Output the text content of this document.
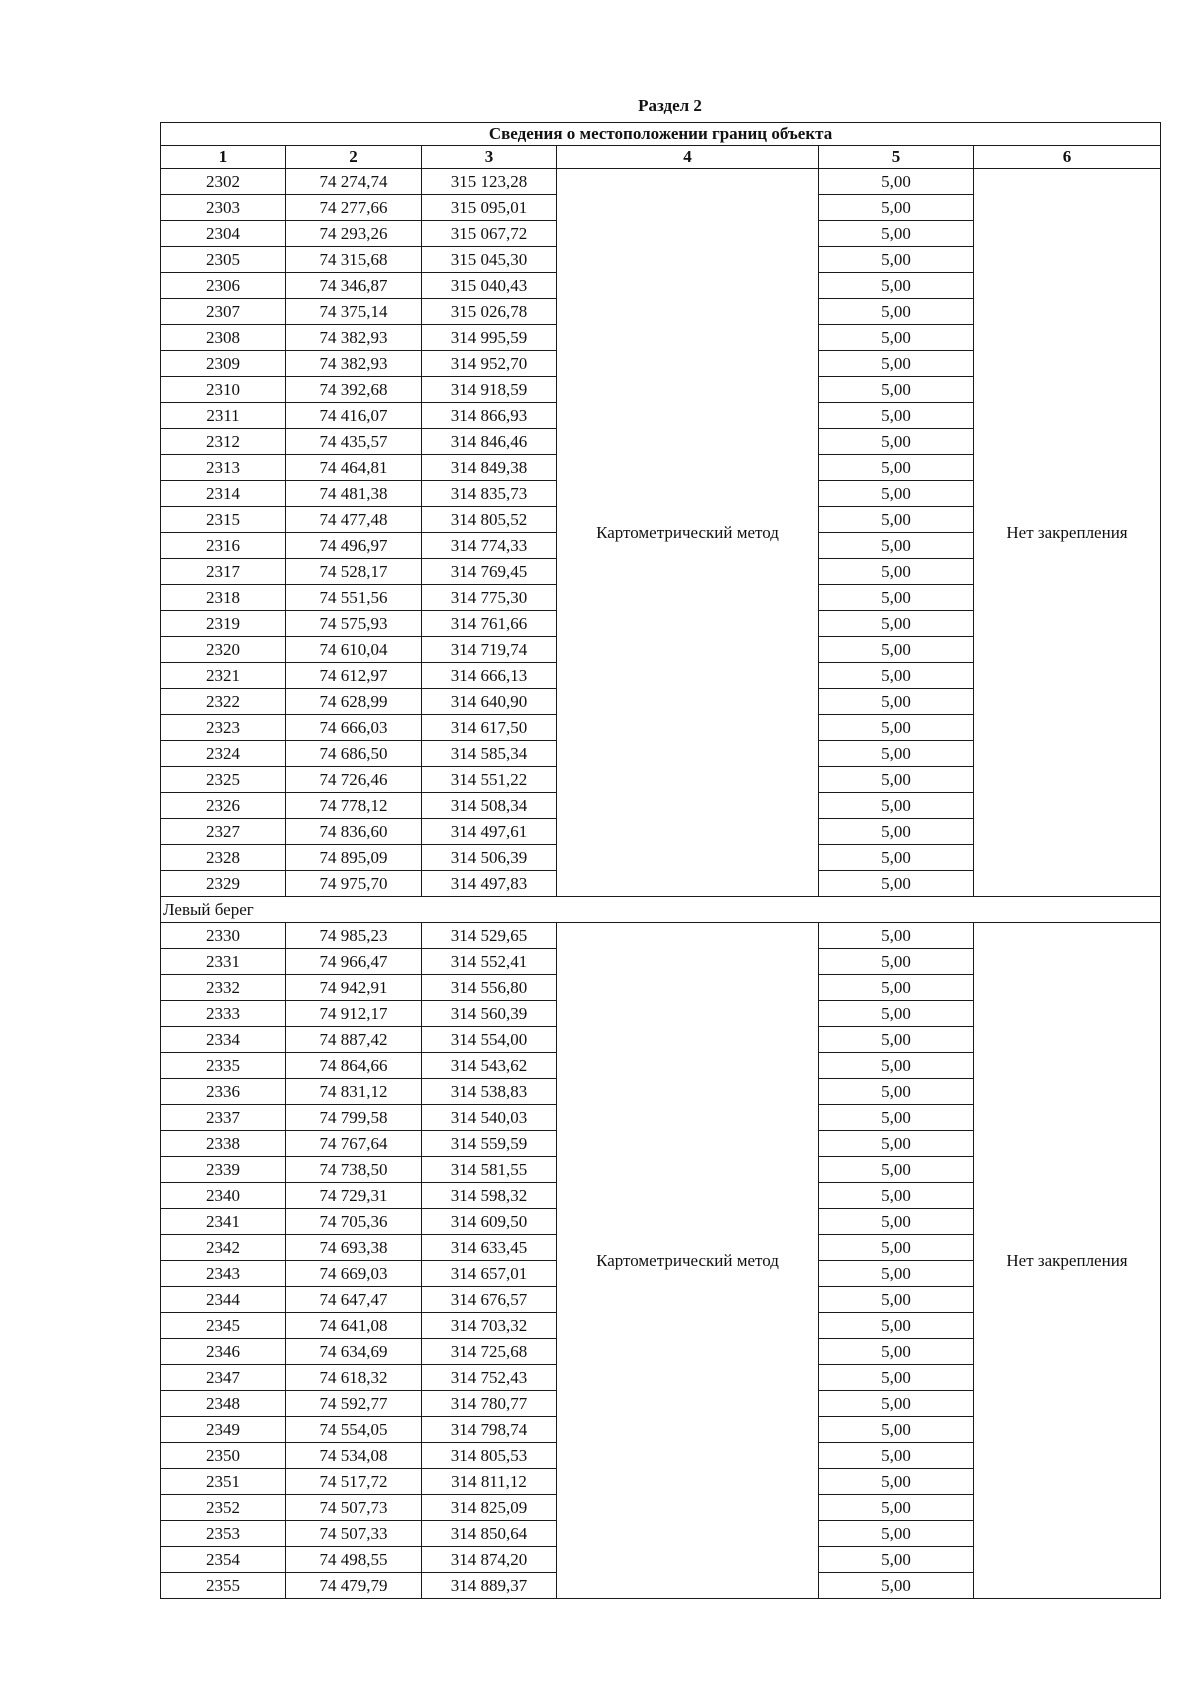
Раздел 2
Сведения о местоположении границ объекта					
1	2	3	4	5	6
2302	74 274,74	315 123,28	Картометрический метод	5,00	Нет закрепления
2303	74 277,66	315 095,01		5,00	
2304	74 293,26	315 067,72		5,00	
2305	74 315,68	315 045,30		5,00	
2306	74 346,87	315 040,43		5,00	
2307	74 375,14	315 026,78		5,00	
2308	74 382,93	314 995,59		5,00	
2309	74 382,93	314 952,70		5,00	
2310	74 392,68	314 918,59		5,00	
2311	74 416,07	314 866,93		5,00	
2312	74 435,57	314 846,46		5,00	
2313	74 464,81	314 849,38		5,00	
2314	74 481,38	314 835,73		5,00	
2315	74 477,48	314 805,52		5,00	
2316	74 496,97	314 774,33		5,00	
2317	74 528,17	314 769,45		5,00	
2318	74 551,56	314 775,30		5,00	
2319	74 575,93	314 761,66		5,00	
2320	74 610,04	314 719,74		5,00	
2321	74 612,97	314 666,13		5,00	
2322	74 628,99	314 640,90		5,00	
2323	74 666,03	314 617,50		5,00	
2324	74 686,50	314 585,34		5,00	
2325	74 726,46	314 551,22		5,00	
2326	74 778,12	314 508,34		5,00	
2327	74 836,60	314 497,61		5,00	
2328	74 895,09	314 506,39		5,00	
2329	74 975,70	314 497,83		5,00	
Левый берег					
2330	74 985,23	314 529,65	Картометрический метод	5,00	Нет закрепления
2331	74 966,47	314 552,41		5,00	
2332	74 942,91	314 556,80		5,00	
2333	74 912,17	314 560,39		5,00	
2334	74 887,42	314 554,00		5,00	
2335	74 864,66	314 543,62		5,00	
2336	74 831,12	314 538,83		5,00	
2337	74 799,58	314 540,03		5,00	
2338	74 767,64	314 559,59		5,00	
2339	74 738,50	314 581,55		5,00	
2340	74 729,31	314 598,32		5,00	
2341	74 705,36	314 609,50		5,00	
2342	74 693,38	314 633,45		5,00	
2343	74 669,03	314 657,01		5,00	
2344	74 647,47	314 676,57		5,00	
2345	74 641,08	314 703,32		5,00	
2346	74 634,69	314 725,68		5,00	
2347	74 618,32	314 752,43		5,00	
2348	74 592,77	314 780,77		5,00	
2349	74 554,05	314 798,74		5,00	
2350	74 534,08	314 805,53		5,00	
2351	74 517,72	314 811,12		5,00	
2352	74 507,73	314 825,09		5,00	
2353	74 507,33	314 850,64		5,00	
2354	74 498,55	314 874,20		5,00	
2355	74 479,79	314 889,37		5,00	
